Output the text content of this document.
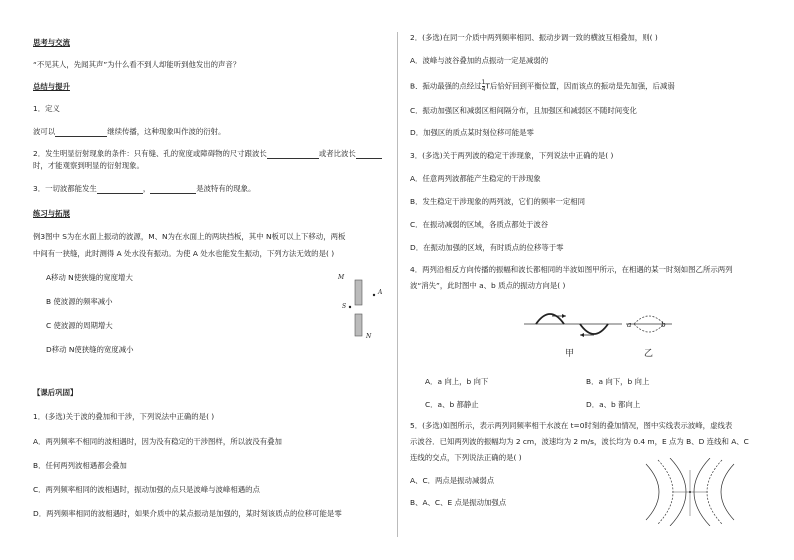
思考与交流
“不见其人，先闻其声”为什么看不到人却能听到他发出的声音？
总结与提升
1．定义
波可以	继续传播，这种现象叫作波的衍射。
2．发生明显衍射现象的条件：只有缝、孔的宽度或障碍物的尺寸跟波长	或者比波长
时，才能观察到明显的衍射现象。
3．一切波都能发生	，	是波特有的现象。
练习与拓展
例3图中 S为在水面上振动的波源，M、N为在水面上的两块挡板，其中 N板可以上下移动，两板
中间有一狭缝，此时测得 A 处水没有振动。为使 A 处水也能发生振动，下列方法无效的是( )
A移动 N使狭缝的宽度增大
B 使波源的频率减小
C 使波源的周期增大
D移动 N使狭缝的宽度减小
M
S
A
N
【课后巩固】
1．(多选)关于波的叠加和干涉，下列说法中正确的是( )
A．两列频率不相同的波相遇时，因为没有稳定的干涉图样，所以波没有叠加
B．任何两列波相遇都会叠加
C．两列频率相同的波相遇时，振动加强的点只是波峰与波峰相遇的点
D．两列频率相同的波相遇时，如果介质中的某点振动是加强的，某时刻该质点的位移可能是零
2．(多选)在同一介质中两列频率相同、振动步调一致的横波互相叠加，则( )
A．波峰与波谷叠加的点振动一定是减弱的
B．振动最强的点经过 $\frac{1}{4}$ T后恰好回到平衡位置，因而该点的振动是先加强，后减弱
C．振动加强区和减弱区相间隔分布，且加强区和减弱区不随时间变化
D．加强区的质点某时刻位移可能是零
3．(多选)关于两列波的稳定干涉现象，下列说法中正确的是( )
A．任意两列波都能产生稳定的干涉现象
B．发生稳定干涉现象的两列波，它们的频率一定相同
C．在振动减弱的区域，各质点都处于波谷
D．在振动加强的区域，有时质点的位移等于零
4．两列沿相反方向传播的振幅和波长都相同的半波如图甲所示，在相遇的某一时刻如图乙所示两列
波“消失”，此时图中 a、b 质点的振动方向是( )
甲
a	b
乙
A．a 向上，b 向下	B．a 向下，b 向上
C．a、b 都静止	D．a、b 都向上
5．(多选)如图所示，表示两列同频率相干水波在 t=0时刻的叠加情况，图中实线表示波峰，虚线表
示波谷．已知两列波的振幅均为 2 cm，波速均为 2 m/s，波长均为 0.4 m，E 点为 B、D 连线和 A、C
连线的交点，下列说法正确的是( )
A、C．两点是振动减弱点
B、A、C、E 点是振动加强点
